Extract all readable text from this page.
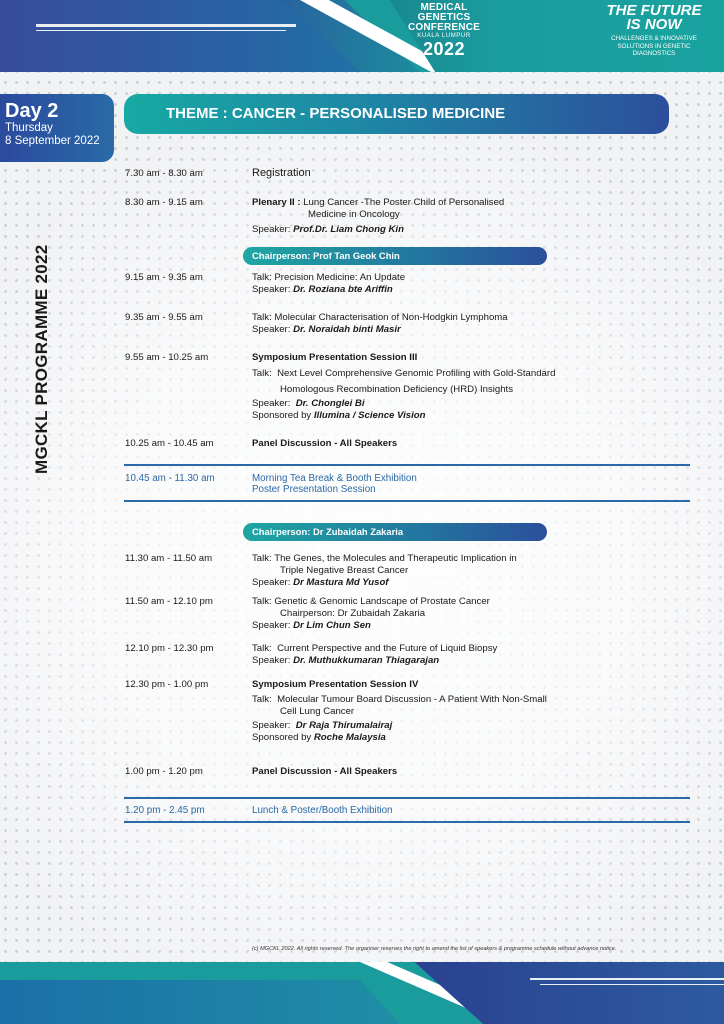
MEDICAL
GENETICS
CONFERENCE
KUALA LUMPUR
2022
THE FUTURE
IS NOW
CHALLENGES & INNOVATIVE
SOLUTIONS IN GENETIC
DIAGNOSTICS
Day 2
Thursday
8 September 2022
MGCKL PROGRAMME 2022
THEME : CANCER - PERSONALISED MEDICINE
7.30 am - 8.30 am	Registration
8.30 am - 9.15 am	Plenary II : Lung Cancer -The Poster Child of Personalised
Medicine in Oncology
Speaker: Prof.Dr. Liam Chong Kin
Chairperson: Prof Tan Geok Chin
9.15 am - 9.35 am	Talk: Precision Medicine: An Update
Speaker: Dr. Roziana bte Ariffin
9.35 am - 9.55 am	Talk: Molecular Characterisation of Non-Hodgkin Lymphoma
Speaker: Dr. Noraidah binti Masir
9.55 am - 10.25 am	Symposium Presentation Session III
Talk: Next Level Comprehensive Genomic Profiling with Gold-Standard
Homologous Recombination Deficiency (HRD) Insights
Speaker: Dr. Chonglei Bi
Sponsored by Illumina / Science Vision
10.25 am - 10.45 am	Panel Discussion - All Speakers
10.45 am - 11.30 am	Morning Tea Break & Booth Exhibition
Poster Presentation Session
Chairperson: Dr Zubaidah Zakaria
11.30 am - 11.50 am	Talk: The Genes, the Molecules and Therapeutic Implication in
Triple Negative Breast Cancer
Speaker: Dr Mastura Md Yusof
11.50 am - 12.10 pm	Talk: Genetic & Genomic Landscape of Prostate Cancer
Chairperson: Dr Zubaidah Zakaria
Speaker: Dr Lim Chun Sen
12.10 pm - 12.30 pm	Talk: Current Perspective and the Future of Liquid Biopsy
Speaker: Dr. Muthukkumaran Thiagarajan
12.30 pm - 1.00 pm	Symposium Presentation Session IV
Talk: Molecular Tumour Board Discussion - A Patient With Non-Small
Cell Lung Cancer
Speaker: Dr Raja Thirumalairaj
Sponsored by Roche Malaysia
1.00 pm - 1.20 pm	Panel Discussion - All Speakers
1.20 pm - 2.45 pm	Lunch & Poster/Booth Exhibition
(c) MGCKL 2022. All rights reserved. The organiser reserves the right to amend the list of speakers & programme schedule without advance notice.
